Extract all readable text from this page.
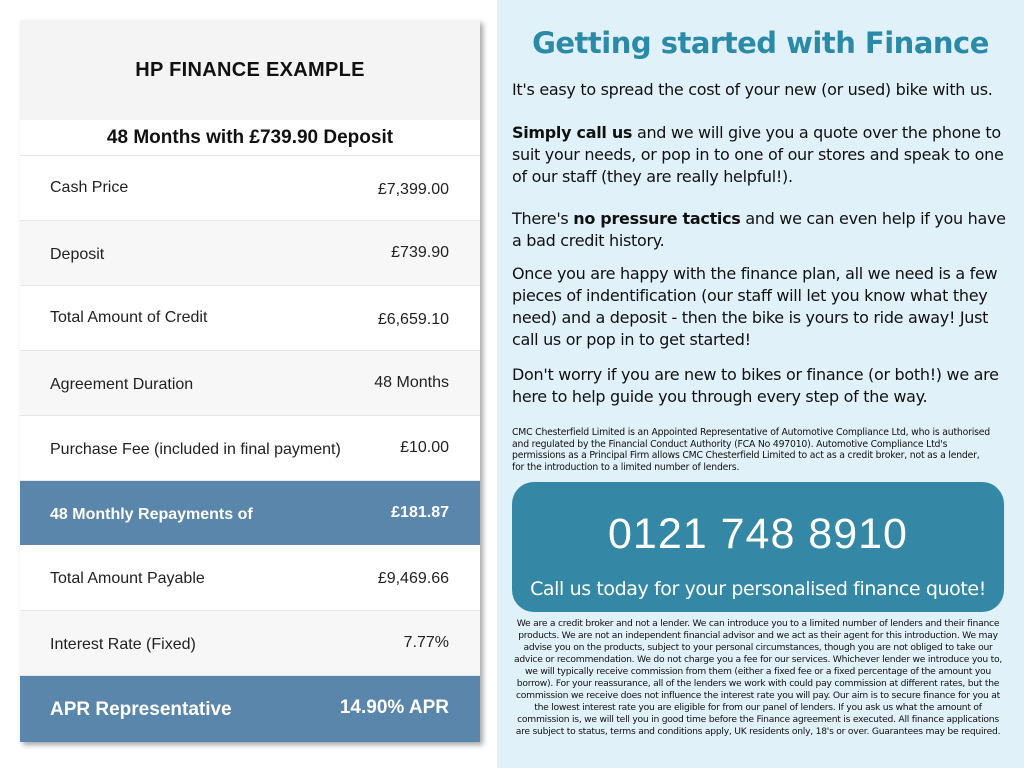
HP FINANCE EXAMPLE
48 Months with £739.90 Deposit
Cash Price	£7,399.00
Deposit	£739.90
Total Amount of Credit	£6,659.10
Agreement Duration	48 Months
Purchase Fee (included in final payment)	£10.00
48 Monthly Repayments of	£181.87
Total Amount Payable	£9,469.66
Interest Rate (Fixed)	7.77%
APR Representative	14.90% APR
Getting started with Finance
It's easy to spread the cost of your new (or used) bike with us.
Simply call us and we will give you a quote over the phone to suit your needs, or pop in to one of our stores and speak to one of our staff (they are really helpful!).
There's no pressure tactics and we can even help if you have a bad credit history.
Once you are happy with the finance plan, all we need is a few pieces of indentification (our staff will let you know what they need) and a deposit - then the bike is yours to ride away! Just call us or pop in to get started!
Don't worry if you are new to bikes or finance (or both!) we are here to help guide you through every step of the way.
CMC Chesterfield Limited is an Appointed Representative of Automotive Compliance Ltd, who is authorised and regulated by the Financial Conduct Authority (FCA No 497010). Automotive Compliance Ltd's permissions as a Principal Firm allows CMC Chesterfield Limited to act as a credit broker, not as a lender, for the introduction to a limited number of lenders.
0121 748 8910
Call us today for your personalised finance quote!
We are a credit broker and not a lender. We can introduce you to a limited number of lenders and their finance products. We are not an independent financial advisor and we act as their agent for this introduction. We may advise you on the products, subject to your personal circumstances, though you are not obliged to take our advice or recommendation. We do not charge you a fee for our services. Whichever lender we introduce you to, we will typically receive commission from them (either a fixed fee or a fixed percentage of the amount you borrow). For your reassurance, all of the lenders we work with could pay commission at different rates, but the commission we receive does not influence the interest rate you will pay. Our aim is to secure finance for you at the lowest interest rate you are eligible for from our panel of lenders. If you ask us what the amount of commission is, we will tell you in good time before the Finance agreement is executed. All finance applications are subject to status, terms and conditions apply, UK residents only, 18's or over. Guarantees may be required.
